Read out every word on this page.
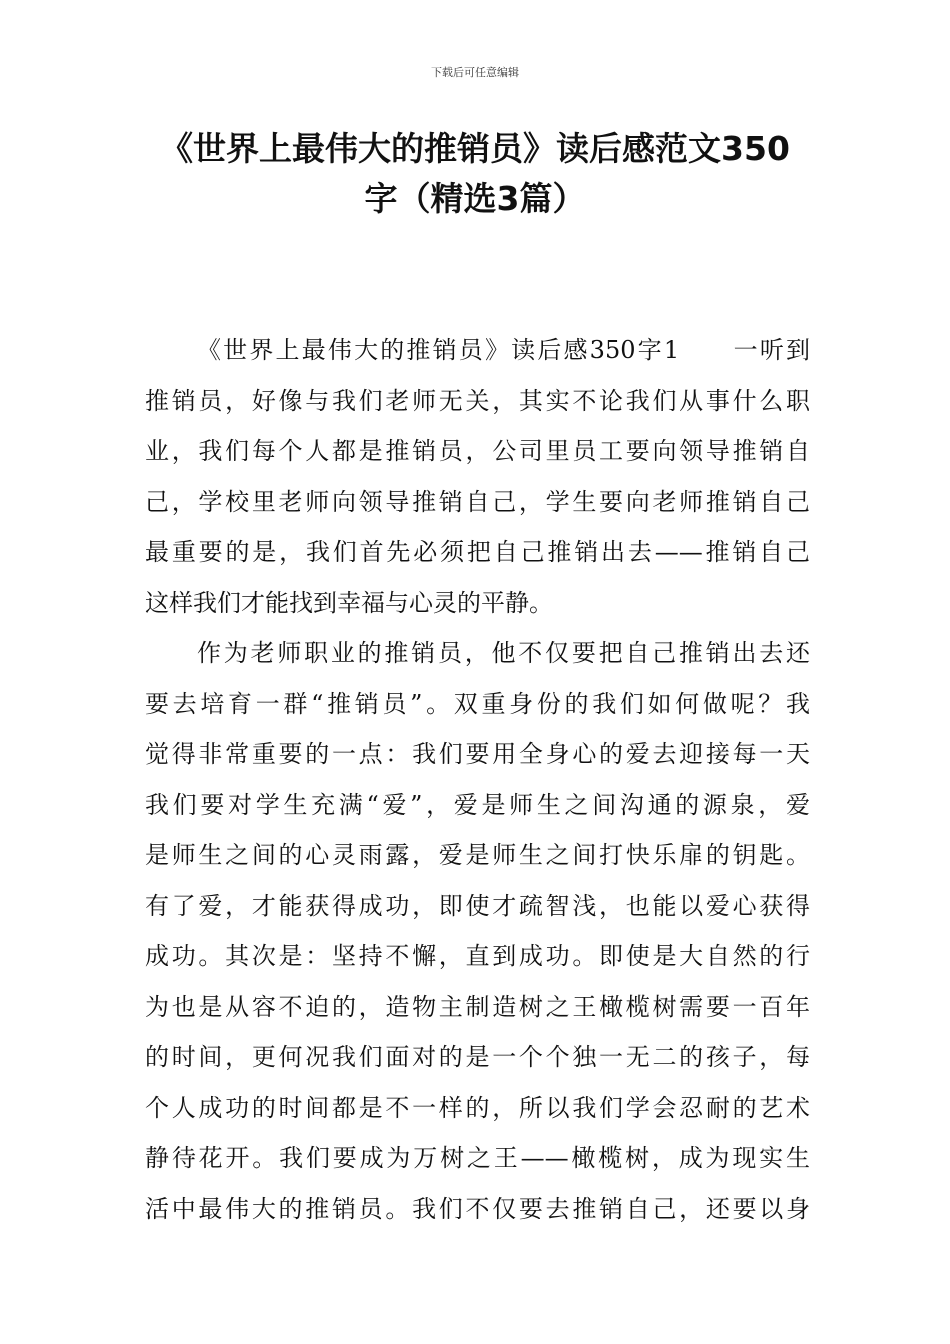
下载后可任意编辑
《世界上最伟大的推销员》读后感范文350
字（精选3篇）
《世界上最伟大的推销员》读后感350字1　　一听到
推销员，好像与我们老师无关，其实不论我们从事什么职
业，我们每个人都是推销员，公司里员工要向领导推销自
己，学校里老师向领导推销自己，学生要向老师推销自己
最重要的是，我们首先必须把自己推销出去——推销自己
这样我们才能找到幸福与心灵的平静。
作为老师职业的推销员，他不仅要把自己推销出去还
要去培育一群“推销员”。双重身份的我们如何做呢？我
觉得非常重要的一点：我们要用全身心的爱去迎接每一天
我们要对学生充满“爱”，爱是师生之间沟通的源泉，爱
是师生之间的心灵雨露，爱是师生之间打快乐扉的钥匙。
有了爱，才能获得成功，即使才疏智浅，也能以爱心获得
成功。其次是：坚持不懈，直到成功。即使是大自然的行
为也是从容不迫的，造物主制造树之王橄榄树需要一百年
的时间，更何况我们面对的是一个个独一无二的孩子，每
个人成功的时间都是不一样的，所以我们学会忍耐的艺术
静待花开。我们要成为万树之王——橄榄树，成为现实生
活中最伟大的推销员。我们不仅要去推销自己，还要以身
